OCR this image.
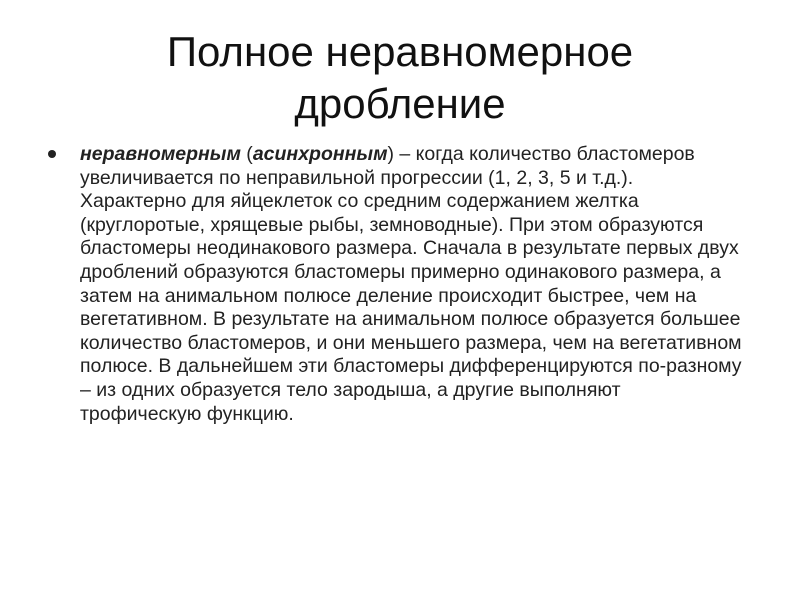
Полное неравномерное
дробление
неравномерным (асинхронным) – когда количество бластомеров увеличивается по неправильной прогрессии (1, 2, 3, 5 и т.д.). Характерно для яйцеклеток со средним содержанием желтка (круглоротые, хрящевые рыбы, земноводные). При этом образуются бластомеры неодинакового размера. Сначала в результате первых двух дроблений образуются бластомеры примерно одинакового размера, а затем на анимальном полюсе деление происходит быстрее, чем на вегетативном. В результате на анимальном полюсе образуется большее количество бластомеров, и они меньшего размера, чем на вегетативном полюсе. В дальнейшем эти бластомеры дифференцируются по-разному – из одних образуется тело зародыша, а другие выполняют трофическую функцию.
